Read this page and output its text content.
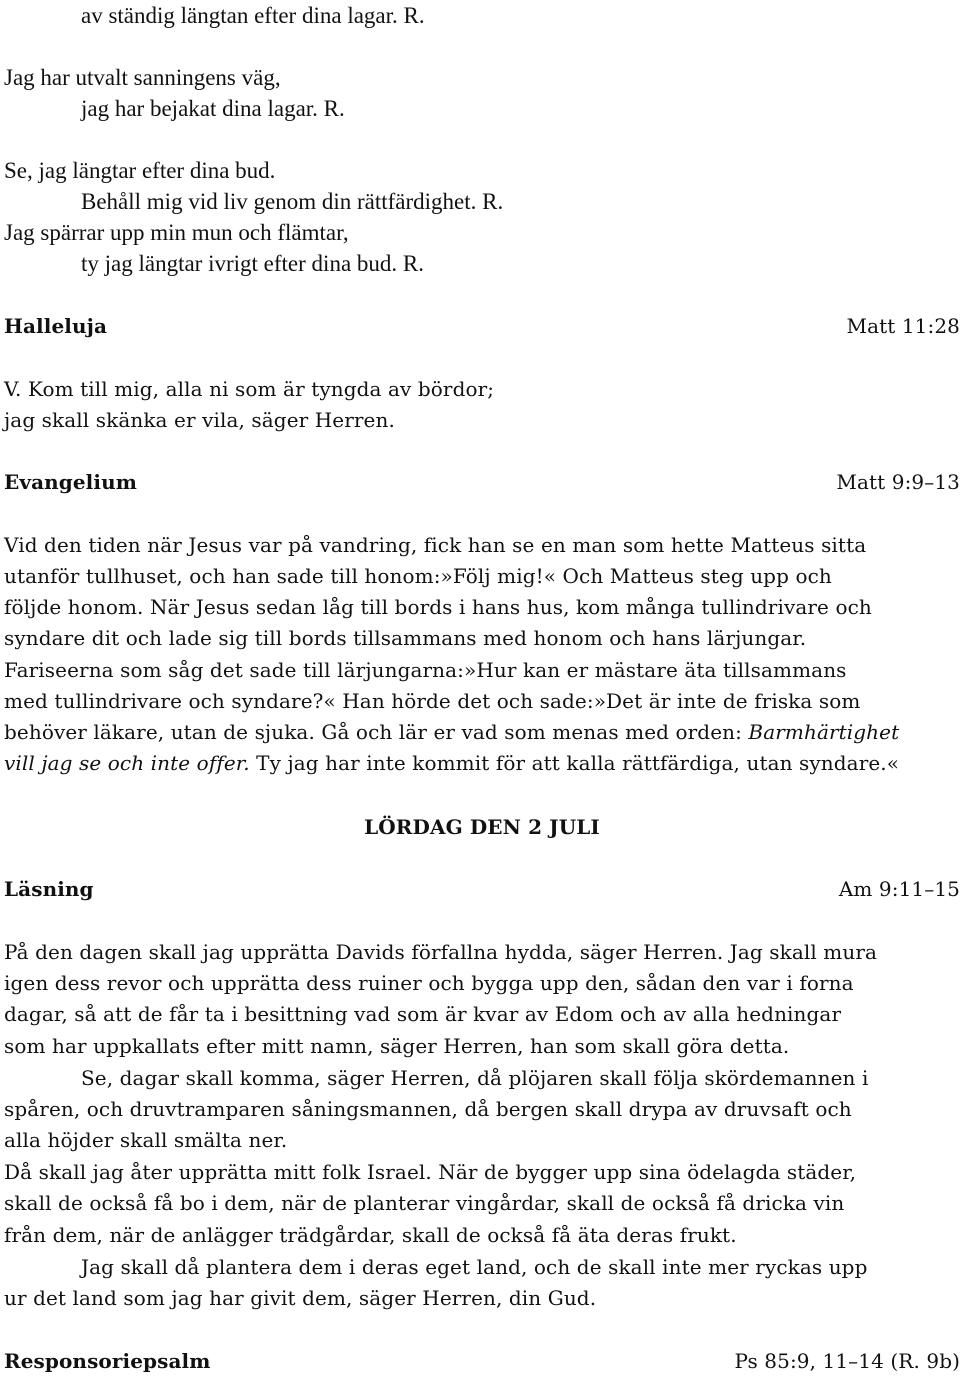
av ständig längtan efter dina lagar. R.
Jag har utvalt sanningens väg,
jag har bejakat dina lagar. R.
Se, jag längtar efter dina bud.
Behåll mig vid liv genom din rättfärdighet. R.
Jag spärrar upp min mun och flämtar,
ty jag längtar ivrigt efter dina bud. R.
Halleluja	Matt 11:28
V. Kom till mig, alla ni som är tyngda av bördor;
jag skall skänka er vila, säger Herren.
Evangelium	Matt 9:9–13
Vid den tiden när Jesus var på vandring, fick han se en man som hette Matteus sitta
utanför tullhuset, och han sade till honom:»Följ mig!« Och Matteus steg upp och
följde honom. När Jesus sedan låg till bords i hans hus, kom många tullindrivare och
syndare dit och lade sig till bords tillsammans med honom och hans lärjungar.
Fariseerna som såg det sade till lärjungarna:»Hur kan er mästare äta tillsammans
med tullindrivare och syndare?« Han hörde det och sade:»Det är inte de friska som
behöver läkare, utan de sjuka. Gå och lär er vad som menas med orden: Barmhärtighet
vill jag se och inte offer. Ty jag har inte kommit för att kalla rättfärdiga, utan syndare.«
LÖRDAG DEN 2 JULI
Läsning	Am 9:11–15
På den dagen skall jag upprätta Davids förfallna hydda, säger Herren. Jag skall mura
igen dess revor och upprätta dess ruiner och bygga upp den, sådan den var i forna
dagar, så att de får ta i besittning vad som är kvar av Edom och av alla hedningar
som har uppkallats efter mitt namn, säger Herren, han som skall göra detta.
Se, dagar skall komma, säger Herren, då plöjaren skall följa skördemannen i
spåren, och druvtramparen såningsmannen, då bergen skall drypa av druvsaft och
alla höjder skall smälta ner.
Då skall jag åter upprätta mitt folk Israel. När de bygger upp sina ödelagda städer,
skall de också få bo i dem, när de planterar vingårdar, skall de också få dricka vin
från dem, när de anlägger trädgårdar, skall de också få äta deras frukt.
Jag skall då plantera dem i deras eget land, och de skall inte mer ryckas upp
ur det land som jag har givit dem, säger Herren, din Gud.
Responsoriepsalm	Ps 85:9, 11–14 (R. 9b)
